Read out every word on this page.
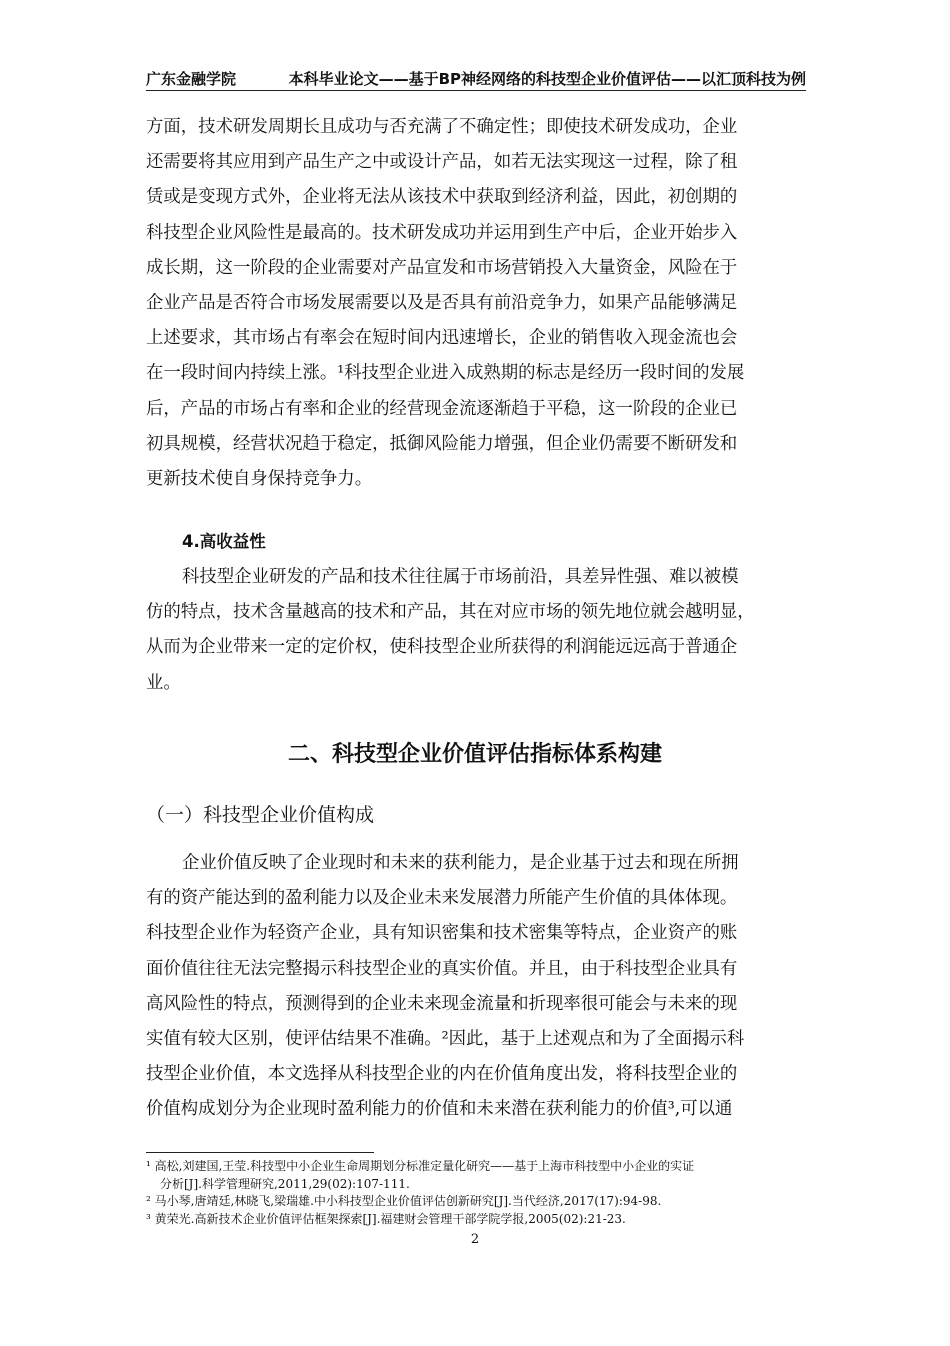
广东金融学院	本科毕业论文——基于BP神经网络的科技型企业价值评估——以汇顶科技为例
方面，技术研发周期长且成功与否充满了不确定性；即使技术研发成功，企业
还需要将其应用到产品生产之中或设计产品，如若无法实现这一过程，除了租
赁或是变现方式外，企业将无法从该技术中获取到经济利益，因此，初创期的
科技型企业风险性是最高的。技术研发成功并运用到生产中后，企业开始步入
成长期，这一阶段的企业需要对产品宣发和市场营销投入大量资金，风险在于
企业产品是否符合市场发展需要以及是否具有前沿竞争力，如果产品能够满足
上述要求，其市场占有率会在短时间内迅速增长，企业的销售收入现金流也会
在一段时间内持续上涨。¹科技型企业进入成熟期的标志是经历一段时间的发展
后，产品的市场占有率和企业的经营现金流逐渐趋于平稳，这一阶段的企业已
初具规模，经营状况趋于稳定，抵御风险能力增强，但企业仍需要不断研发和
更新技术使自身保持竞争力。
4.高收益性
科技型企业研发的产品和技术往往属于市场前沿，具差异性强、难以被模
仿的特点，技术含量越高的技术和产品，其在对应市场的领先地位就会越明显，
从而为企业带来一定的定价权，使科技型企业所获得的利润能远远高于普通企
业。
二、科技型企业价值评估指标体系构建
（一）科技型企业价值构成
企业价值反映了企业现时和未来的获利能力，是企业基于过去和现在所拥
有的资产能达到的盈利能力以及企业未来发展潜力所能产生价值的具体体现。
科技型企业作为轻资产企业，具有知识密集和技术密集等特点，企业资产的账
面价值往往无法完整揭示科技型企业的真实价值。并且，由于科技型企业具有
高风险性的特点，预测得到的企业未来现金流量和折现率很可能会与未来的现
实值有较大区别，使评估结果不准确。²因此，基于上述观点和为了全面揭示科
技型企业价值，本文选择从科技型企业的内在价值角度出发，将科技型企业的
价值构成划分为企业现时盈利能力的价值和未来潜在获利能力的价值³,可以通
¹ 高松,刘建国,王莹.科技型中小企业生命周期划分标准定量化研究——基于上海市科技型中小企业的实证
分析[J].科学管理研究,2011,29(02):107-111.
² 马小琴,唐靖廷,林晓飞,梁瑞雄.中小科技型企业价值评估创新研究[J].当代经济,2017(17):94-98.
³ 黄荣光.高新技术企业价值评估框架探索[J].福建财会管理干部学院学报,2005(02):21-23.
2
